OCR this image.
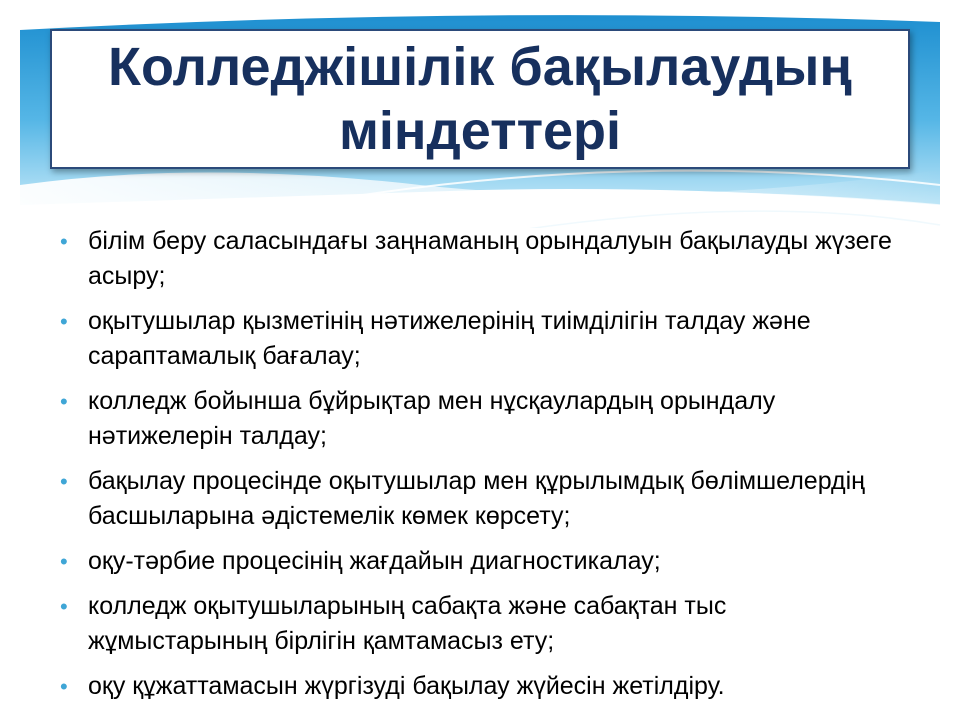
Колледжішілік бақылаудың міндеттері
• білім беру саласындағы заңнаманың орындалуын бақылауды жүзеге асыру;
• оқытушылар қызметінің нәтижелерінің тиімділігін талдау және сараптамалық бағалау;
• колледж бойынша бұйрықтар мен нұсқаулардың орындалу нәтижелерін талдау;
• бақылау процесінде оқытушылар мен құрылымдық бөлімшелердің басшыларына әдістемелік көмек көрсету;
• оқу-тәрбие процесінің жағдайын диагностикалау;
• колледж оқытушыларының сабақта және сабақтан тыс жұмыстарының бірлігін қамтамасыз ету;
• оқу құжаттамасын жүргізуді бақылау жүйесін жетілдіру.
